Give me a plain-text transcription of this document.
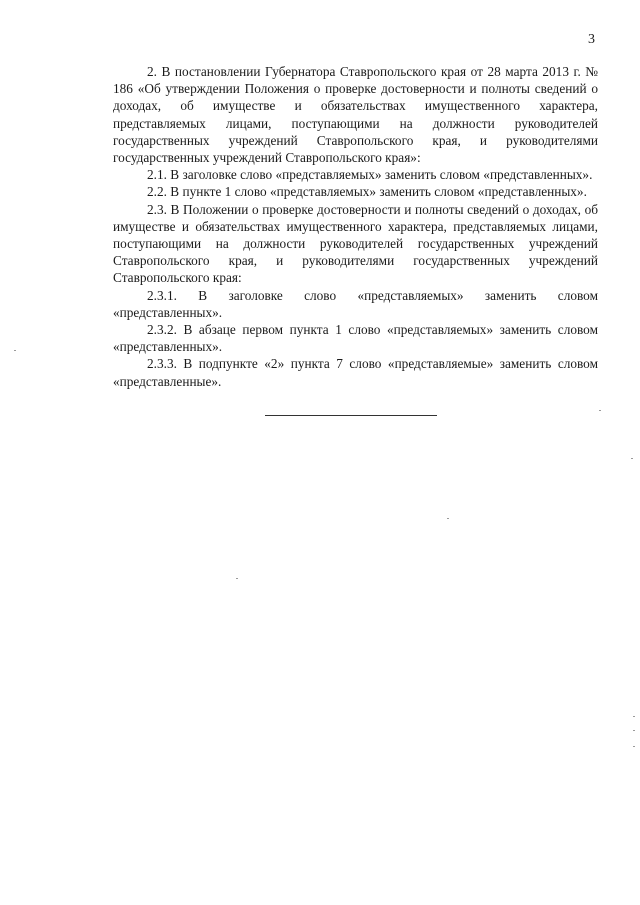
3

2. В постановлении Губернатора Ставропольского края от 28 марта 2013 г. № 186 «Об утверждении Положения о проверке достоверности и полноты сведений о доходах, об имуществе и обязательствах имущественного характера, представляемых лицами, поступающими на должности руководителей государственных учреждений Ставропольского края, и руководителями государственных учреждений Ставропольского края»:

2.1. В заголовке слово «представляемых» заменить словом «представленных».

2.2. В пункте 1 слово «представляемых» заменить словом «представленных».

2.3. В Положении о проверке достоверности и полноты сведений о доходах, об имуществе и обязательствах имущественного характера, представляемых лицами, поступающими на должности руководителей государственных учреждений Ставропольского края, и руководителями государственных учреждений Ставропольского края:

2.3.1. В заголовке слово «представляемых» заменить словом «представленных».

2.3.2. В абзаце первом пункта 1 слово «представляемых» заменить словом «представленных».

2.3.3. В подпункте «2» пункта 7 слово «представляемые» заменить словом «представленные».
